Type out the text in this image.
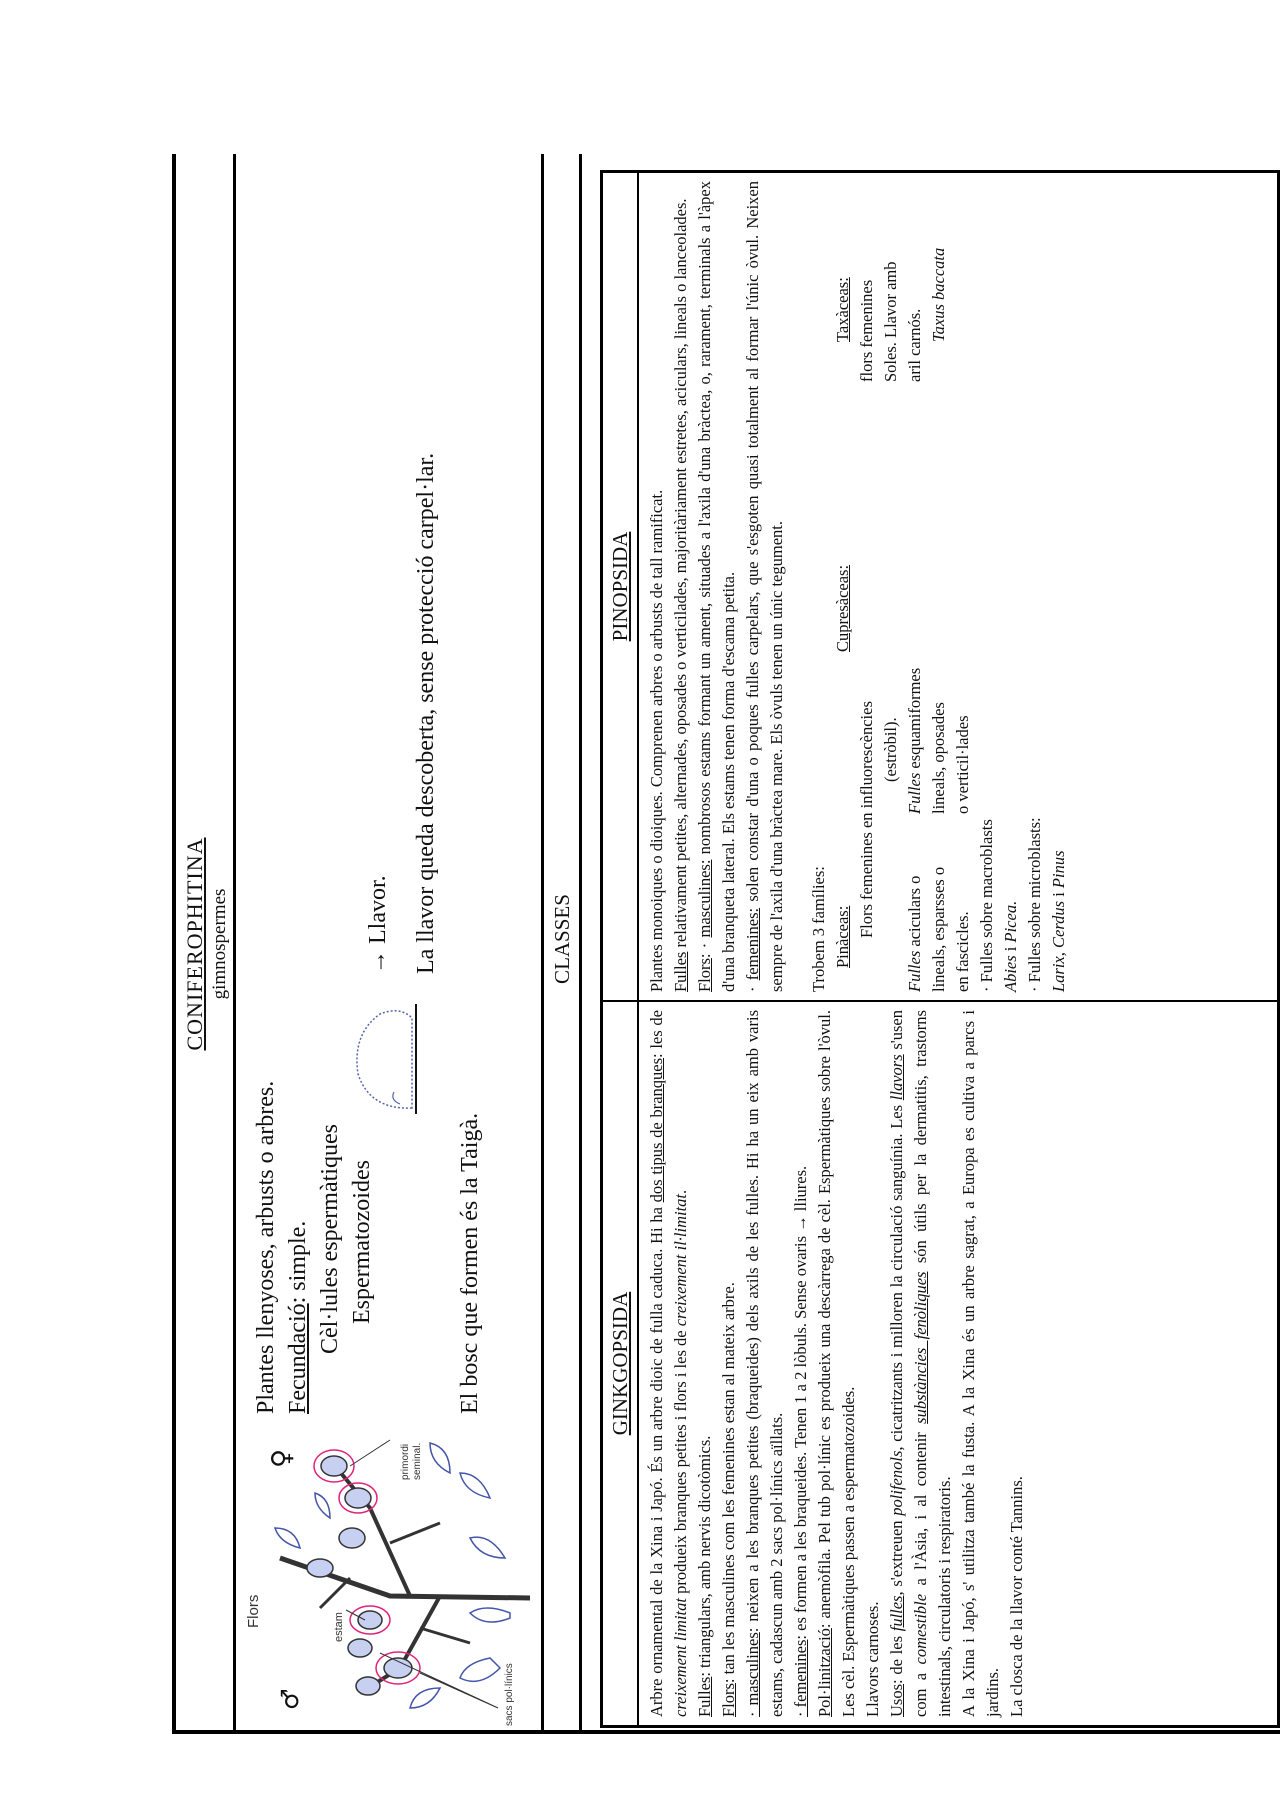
CONIFEROPHITINA gimnospermes
Flors	estam
sacs pol·línics
primordi seminal.
♂
♀
Plantes llenyoses, arbusts o arbres. Fecundació: simple. Cèl·lules espermàtiques Espermatozoides
→ Llavor. La llavor queda descoberta, sense protecció carpel·lar.
El bosc que formen és la Taigà.
CLASSES
GINKGOPSIDA Arbre ornamental de la Xina i Japó. És un arbre dioic de fulla caduca. Hi ha dos tipus de branques: les de creixement limitat produeix branques petites i flors i les de creixement il·limitat.

Fulles: triangulars, amb nervis dicotòmics.

Flors: tan les masculines com les femenines estan al mateix arbre. · masculines: neixen a les branques petites (braqueides) dels axils de les fulles. Hi ha un eix amb varis estams, cadascun amb 2 sacs pol·línics aïllats. · femenines: es formen a les braqueides. Tenen 1 a 2 lòbuls. Sense ovaris → lliures.

Pol·linització: anemòfila. Pel tub pol·línic es produeix una descàrrega de cèl. Espermàtiques sobre l'òvul. Les cèl. Espermàtiques passen a espermatozoides. Llavors carnoses. Usos: de les fulles, s'extreuen polifenols, cicatritzants i milloren la circulació sanguínia. Les llavors s'usen com a comestible a l'Àsia, i al contenir substàncies fenòliques són útils per la dermatitis, trastorns intestinals, circulatoris i respiratoris. A la Xina i Japó, s' utilitza també la fusta. A la Xina és un arbre sagrat, a Europa es cultiva a parcs i jardins. La closca de la llavor conté Tannins.

PINOPSIDA Plantes monoiques o dioiques. Comprenen arbres o arbusts de tall ramificat. Fulles relativament petites, alternades, oposades o verticilades, majoritàriament estretes, aciculars, lineals o lanceolades.

Flors: · masculines: nombrosos estams formant un ament, situades a l'axila d'una bràctea, o, rarament, terminals a l'àpex d'una branqueta lateral. Els estams tenen forma d'escama petita. · femenines: solen constar d'una o poques fulles carpelars, que s'esgoten quasi totalment al formar l'únic òvul. Neixen sempre de l'axila d'una bràctea mare. Els òvuls tenen un únic tegument. Trobem 3 famílies: Pinàceas: Flors femenines en influorescències (estròbil).

Fulles aciculars o lineals, esparsses o en fascicles. · Fulles sobre macroblasts Abies i Picea. · Fulles sobre microblasts: Larix, Cerdus i Pinus

Cupresàceas:

Fulles esquamiformes lineals, oposades o verticil·lades

Taxàceas: flors femenines Soles. Llavor amb aril carnós.

Taxus baccata
